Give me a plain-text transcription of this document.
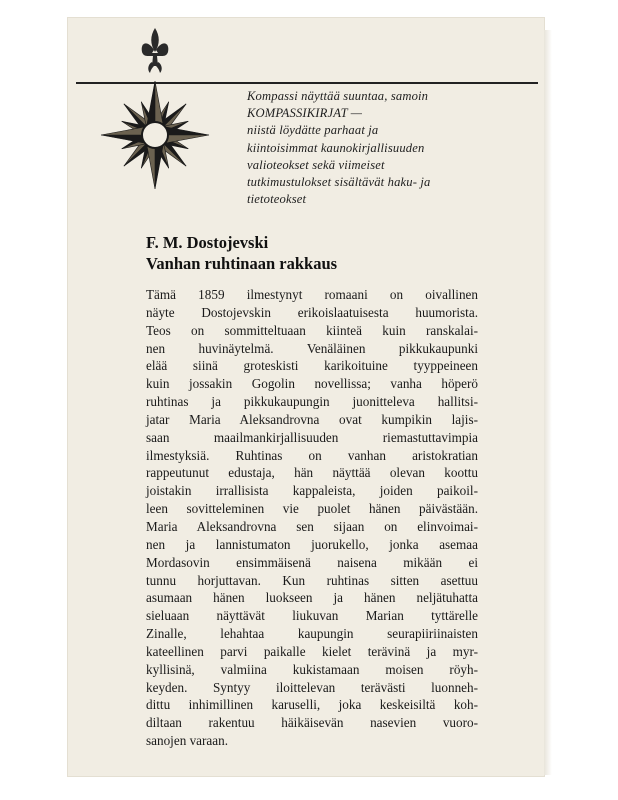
Kompassi näyttää suuntaa, samoin
KOMPASSIKIRJAT —
niistä löydätte parhaat ja
kiintoisimmat kaunokirjallisuuden
valioteokset sekä viimeiset
tutkimustulokset sisältävät haku- ja
tietoteokset
F. M. Dostojevski
Vanhan ruhtinaan rakkaus
Tämä 1859 ilmestynyt romaani on oivallinen
näyte Dostojevskin erikoislaatuisesta huumorista.
Teos on sommitteltuaan kiinteä kuin ranskalai-
nen huvinäytelmä. Venäläinen pikkukaupunki
elää siinä groteskisti karikoituine tyyppeineen
kuin jossakin Gogolin novellissa; vanha höperö
ruhtinas ja pikkukaupungin juonitteleva hallitsi-
jatar Maria Aleksandrovna ovat kumpikin lajis-
saan maailmankirjallisuuden riemastuttavimpia
ilmestyksiä. Ruhtinas on vanhan aristokratian
rappeutunut edustaja, hän näyttää olevan koottu
joistakin irrallisista kappaleista, joiden paikoil-
leen sovitteleminen vie puolet hänen päivästään.
Maria Aleksandrovna sen sijaan on elinvoimai-
nen ja lannistumaton juorukello, jonka asemaa
Mordasovin ensimmäisenä naisena mikään ei
tunnu horjuttavan. Kun ruhtinas sitten asettuu
asumaan hänen luokseen ja hänen neljätuhatta
sieluaan näyttävät liukuvan Marian tyttärelle
Zinalle, lehahtaa kaupungin seurapiiriinaisten
kateellinen parvi paikalle kielet terävinä ja myr-
kyllisinä, valmiina kukistamaan moisen röyh-
keyden. Syntyy iloittelevan terävästi luonneh-
dittu inhimillinen karuselli, joka keskeisiltä koh-
diltaan rakentuu häikäisevän nasevien vuoro-
sanojen varaan.
